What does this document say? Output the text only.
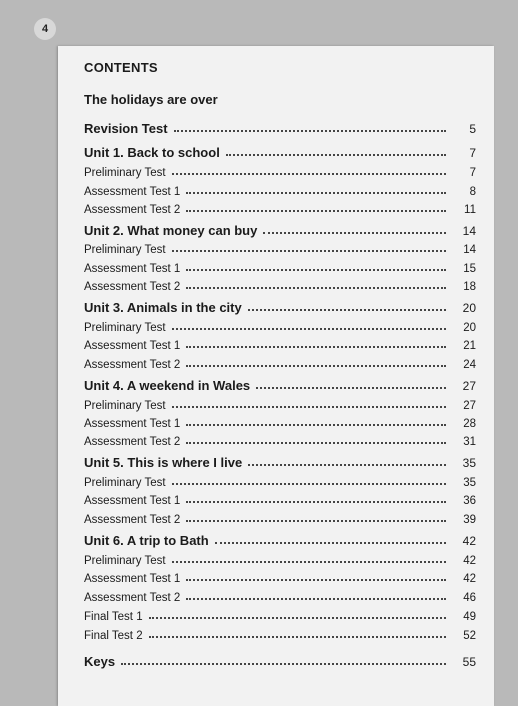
4
CONTENTS
The holidays are over
Revision Test	5
Unit 1. Back to school	7
Preliminary Test	7
Assessment Test 1	8
Assessment Test 2	11
Unit 2. What money can buy	14
Preliminary Test	14
Assessment Test 1	15
Assessment Test 2	18
Unit 3. Animals in the city	20
Preliminary Test	20
Assessment Test 1	21
Assessment Test 2	24
Unit 4. A weekend in Wales	27
Preliminary Test	27
Assessment Test 1	28
Assessment Test 2	31
Unit 5. This is where I live	35
Preliminary Test	35
Assessment Test 1	36
Assessment Test 2	39
Unit 6. A trip to Bath	42
Preliminary Test	42
Assessment Test 1	42
Assessment Test 2	46
Final Test 1	49
Final Test 2	52
Keys	55
